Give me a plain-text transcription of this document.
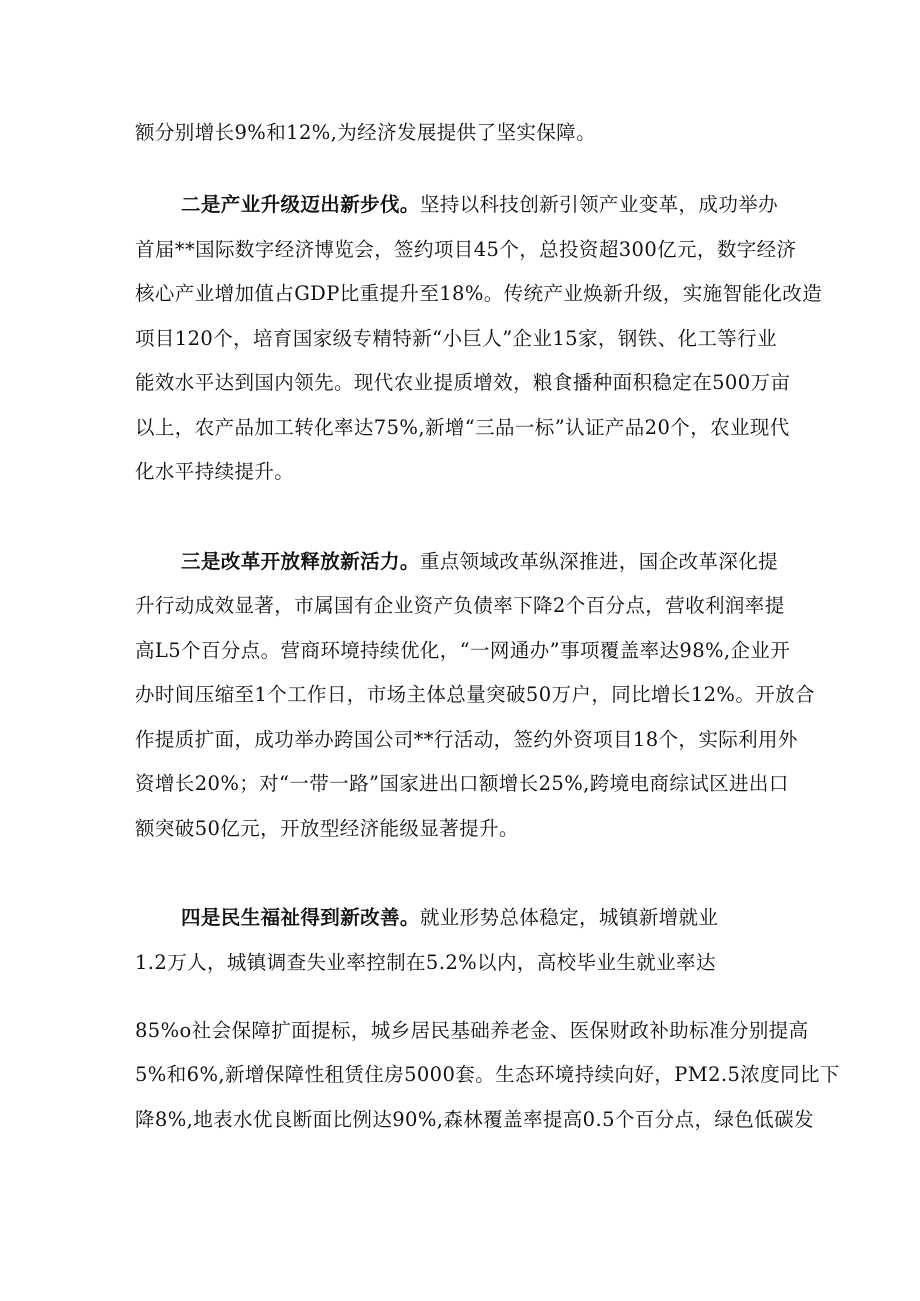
额分别增长9%和12%,为经济发展提供了坚实保障。
二是产业升级迈出新步伐。坚持以科技创新引领产业变革，成功举办
首届**国际数字经济博览会，签约项目45个，总投资超300亿元，数字经济
核心产业增加值占GDP比重提升至18%。传统产业焕新升级，实施智能化改造
项目120个，培育国家级专精特新“小巨人”企业15家，钢铁、化工等行业
能效水平达到国内领先。现代农业提质增效，粮食播种面积稳定在500万亩
以上，农产品加工转化率达75%,新增“三品一标”认证产品20个，农业现代
化水平持续提升。
三是改革开放释放新活力。重点领域改革纵深推进，国企改革深化提
升行动成效显著，市属国有企业资产负债率下降2个百分点，营收利润率提
高L5个百分点。营商环境持续优化，“一网通办”事项覆盖率达98%,企业开
办时间压缩至1个工作日，市场主体总量突破50万户，同比增长12%。开放合
作提质扩面，成功举办跨国公司**行活动，签约外资项目18个，实际利用外
资增长20%；对“一带一路”国家进出口额增长25%,跨境电商综试区进出口
额突破50亿元，开放型经济能级显著提升。
四是民生福祉得到新改善。就业形势总体稳定，城镇新增就业
1.2万人，城镇调查失业率控制在5.2%以内，高校毕业生就业率达
85%o社会保障扩面提标，城乡居民基础养老金、医保财政补助标准分别提高
5%和6%,新增保障性租赁住房5000套。生态环境持续向好，PM2.5浓度同比下
降8%,地表水优良断面比例达90%,森林覆盖率提高0.5个百分点，绿色低碳发
